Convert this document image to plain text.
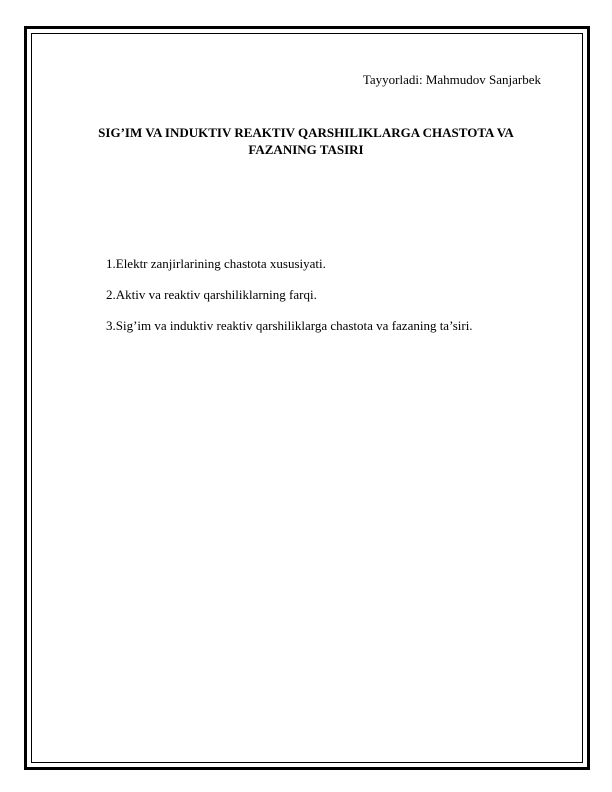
Tayyorladi: Mahmudov Sanjarbek
SIG’IM VA INDUKTIV REAKTIV QARSHILIKLARGA CHASTOTA VA
FAZANING TASIRI
1.Elektr zanjirlarining chastota xususiyati.
2.Aktiv va reaktiv qarshiliklarning farqi.
3.Sig’im va induktiv reaktiv qarshiliklarga chastota va fazaning ta’siri.
